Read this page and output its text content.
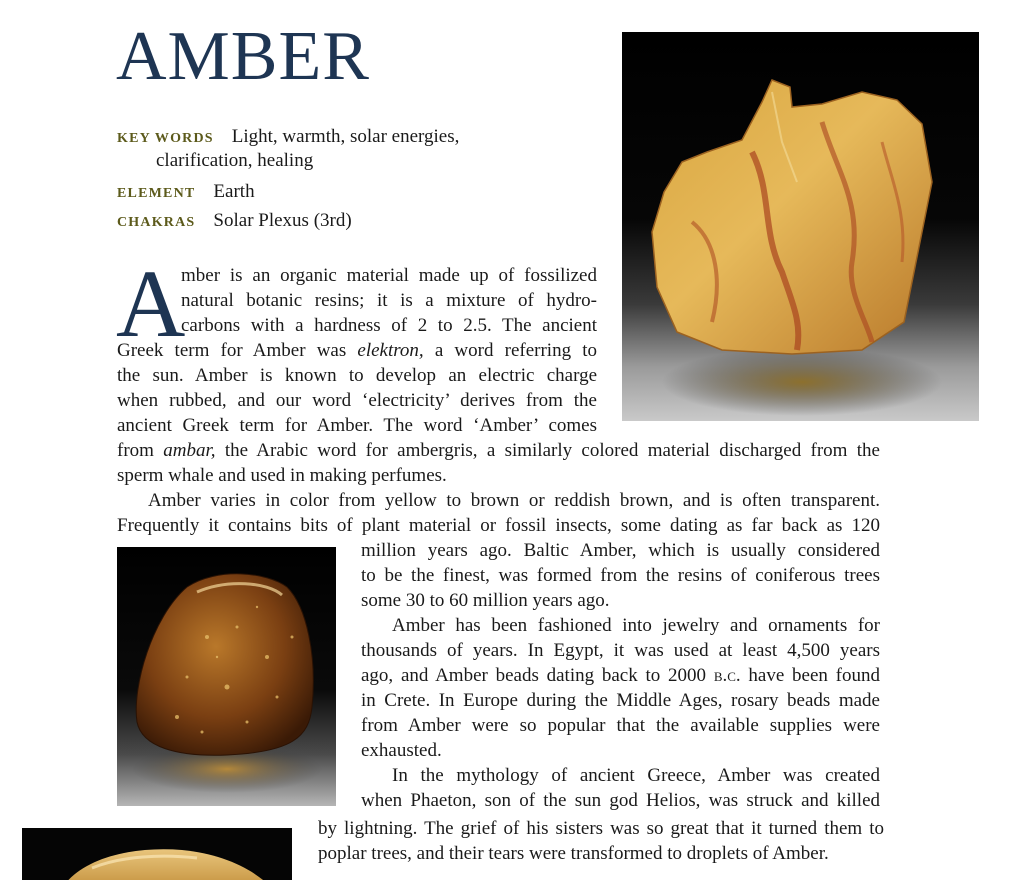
AMBER
KEY WORDS Light, warmth, solar energies,
clarification, healing
ELEMENT Earth
CHAKRAS Solar Plexus (3rd)
A
mber is an organic material made up of fossilized
natural botanic resins; it is a mixture of hydro-
carbons with a hardness of 2 to 2.5. The ancient
Greek term for Amber was elektron, a word referring to
the sun. Amber is known to develop an electric charge
when rubbed, and our word ‘electricity’ derives from the
ancient Greek term for Amber. The word ‘Amber’ comes
from ambar, the Arabic word for ambergris, a similarly colored material discharged from the
sperm whale and used in making perfumes.
Amber varies in color from yellow to brown or reddish brown, and is often transparent.
Frequently it contains bits of plant material or fossil insects, some dating as far back as 120
million years ago. Baltic Amber, which is usually considered
to be the finest, was formed from the resins of coniferous trees
some 30 to 60 million years ago.
Amber has been fashioned into jewelry and ornaments for
thousands of years. In Egypt, it was used at least 4,500 years
ago, and Amber beads dating back to 2000 b.c. have been found
in Crete. In Europe during the Middle Ages, rosary beads made
from Amber were so popular that the available supplies were
exhausted.
In the mythology of ancient Greece, Amber was created
when Phaeton, son of the sun god Helios, was struck and killed
by lightning. The grief of his sisters was so great that it turned them to
poplar trees, and their tears were transformed to droplets of Amber.
